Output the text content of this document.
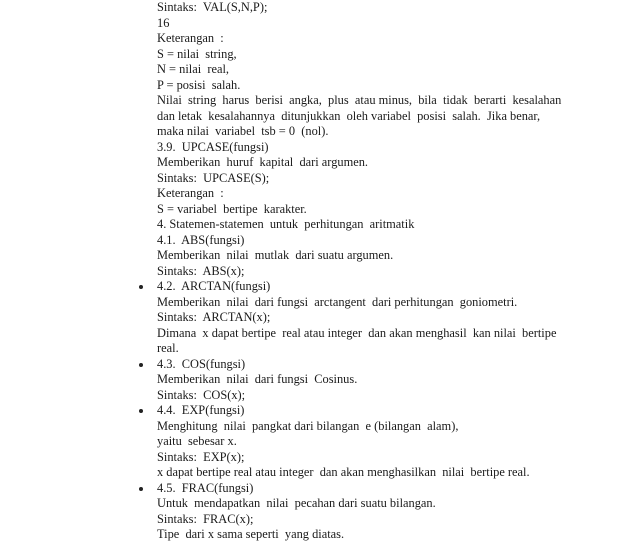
Sintaks:  VAL(S,N,P);
16
Keterangan  :
S = nilai  string,
N = nilai  real,
P = posisi  salah.
Nilai  string  harus  berisi  angka,  plus  atau minus,  bila  tidak  berarti  kesalahan
dan letak  kesalahannya  ditunjukkan  oleh variabel  posisi  salah.  Jika benar,
maka nilai  variabel  tsb = 0  (nol).
3.9.  UPCASE(fungsi)
Memberikan  huruf  kapital  dari argumen.
Sintaks:  UPCASE(S);
Keterangan  :
S = variabel  bertipe  karakter.
4. Statemen-statemen  untuk  perhitungan  aritmatik
4.1.  ABS(fungsi)
Memberikan  nilai  mutlak  dari suatu argumen.
Sintaks:  ABS(x);
4.2.  ARCTAN(fungsi)
Memberikan  nilai  dari fungsi  arctangent  dari perhitungan  goniometri.
Sintaks:  ARCTAN(x);
Dimana  x dapat bertipe  real atau integer  dan akan menghasil  kan nilai  bertipe
real.
4.3.  COS(fungsi)
Memberikan  nilai  dari fungsi  Cosinus.
Sintaks:  COS(x);
4.4.  EXP(fungsi)
Menghitung  nilai  pangkat dari bilangan  e (bilangan  alam),
yaitu  sebesar x.
Sintaks:  EXP(x);
x dapat bertipe real atau integer  dan akan menghasilkan  nilai  bertipe real.
4.5.  FRAC(fungsi)
Untuk  mendapatkan  nilai  pecahan dari suatu bilangan.
Sintaks:  FRAC(x);
Tipe  dari x sama seperti  yang diatas.
